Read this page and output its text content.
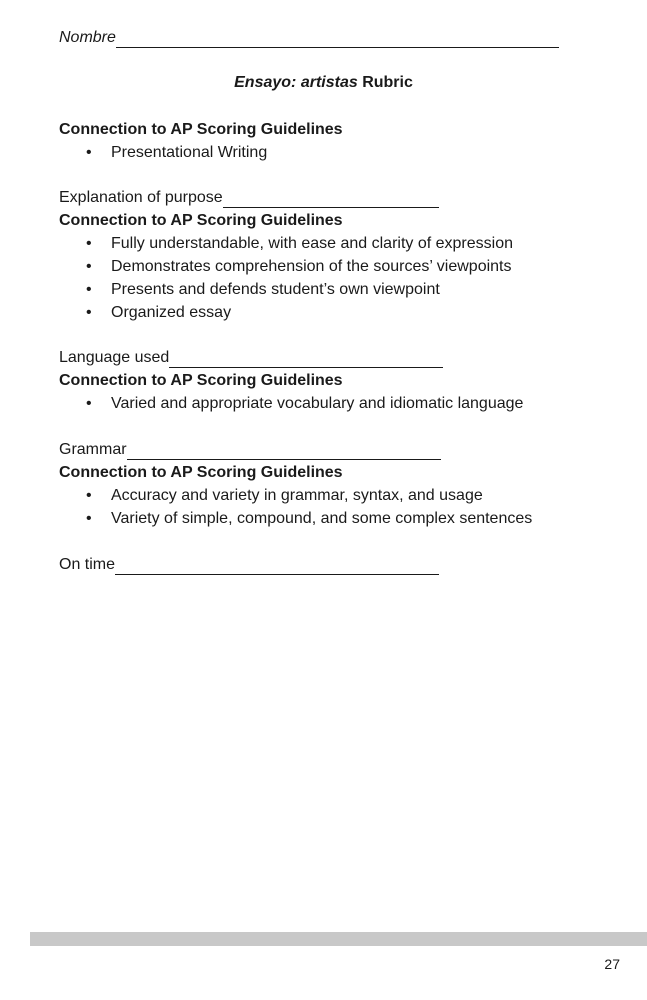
Nombre
Ensayo: artistas Rubric
Connection to AP Scoring Guidelines
•	Presentational Writing
Explanation of purpose
Connection to AP Scoring Guidelines
•	Fully understandable, with ease and clarity of expression
•	Demonstrates comprehension of the sources’ viewpoints
•	Presents and defends student’s own viewpoint
•	Organized essay
Language used
Connection to AP Scoring Guidelines
•	Varied and appropriate vocabulary and idiomatic language
Grammar
Connection to AP Scoring Guidelines
•	Accuracy and variety in grammar, syntax, and usage
•	Variety of simple, compound, and some complex sentences
On time
27
